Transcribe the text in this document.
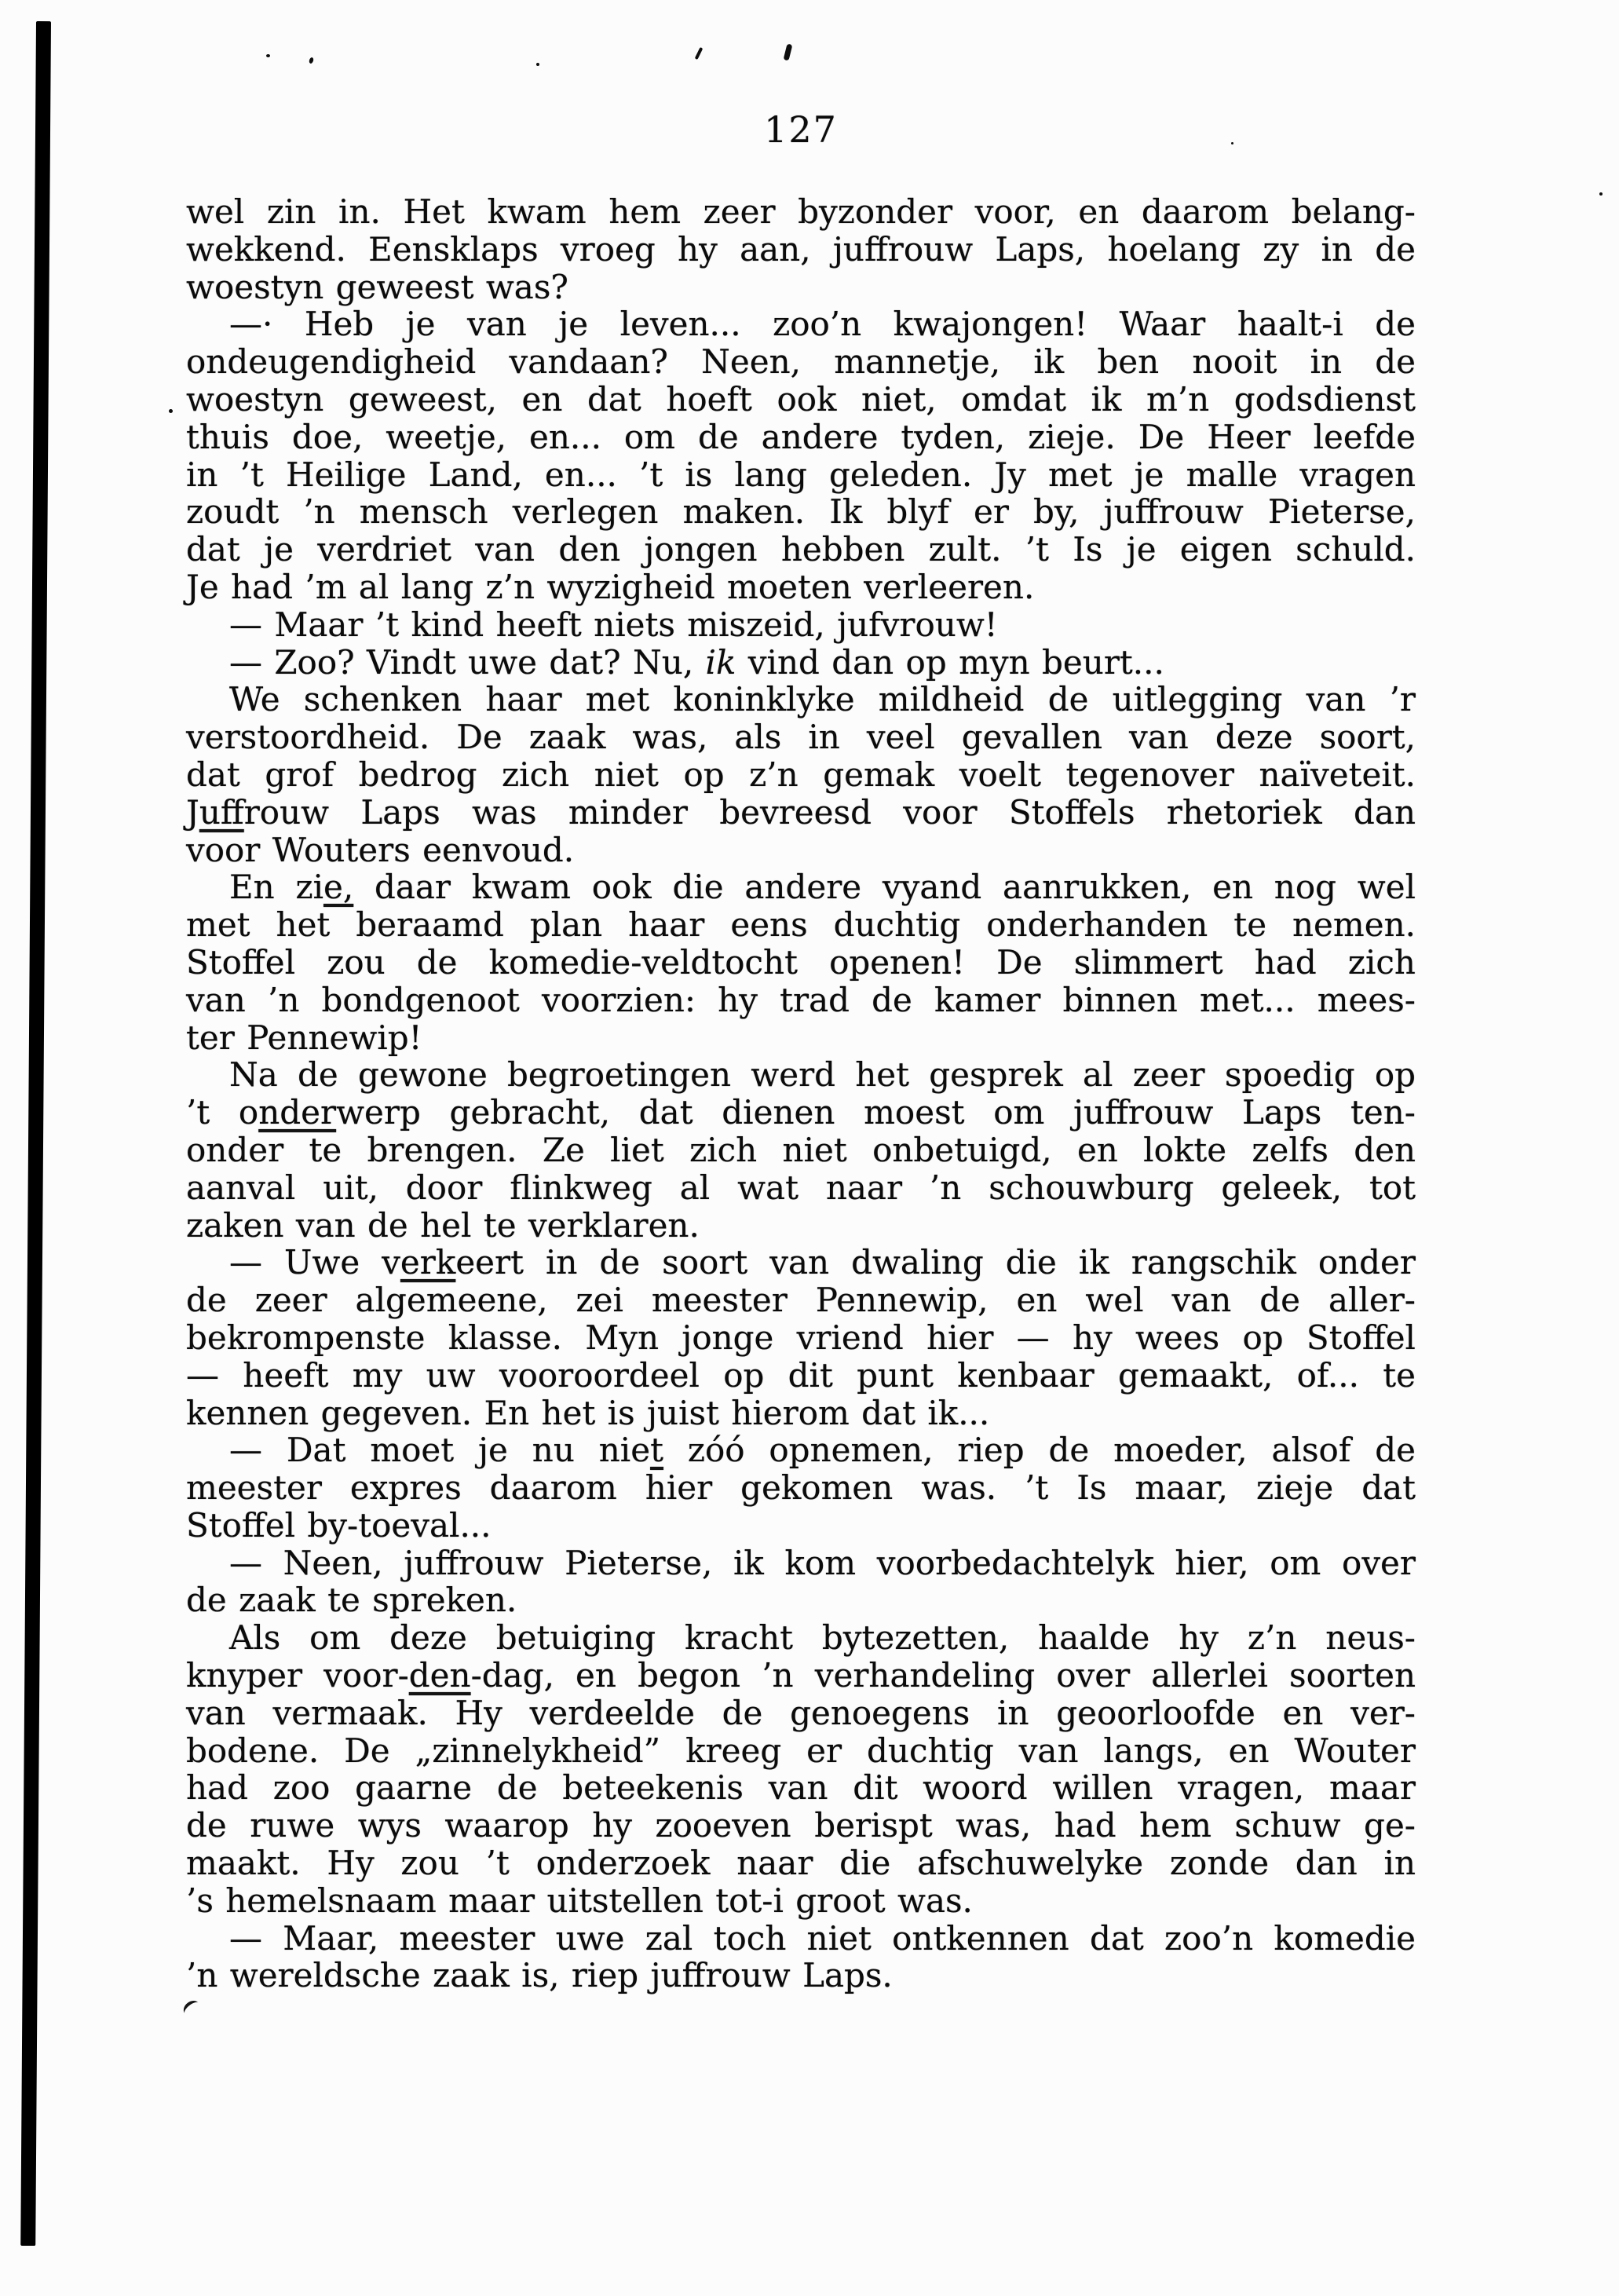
127
wel zin in. Het kwam hem zeer byzonder voor, en daarom belang-
wekkend. Eensklaps vroeg hy aan, juffrouw Laps, hoelang zy in de
woestyn geweest was?
—· Heb je van je leven... zoo’n kwajongen! Waar haalt-i de
ondeugendigheid vandaan? Neen, mannetje, ik ben nooit in de
woestyn geweest, en dat hoeft ook niet, omdat ik m’n godsdienst
thuis doe, weetje, en... om de andere tyden, zieje. De Heer leefde
in ’t Heilige Land, en... ’t is lang geleden. Jy met je malle vragen
zoudt ’n mensch verlegen maken. Ik blyf er by, juffrouw Pieterse,
dat je verdriet van den jongen hebben zult. ’t Is je eigen schuld.
Je had ’m al lang z’n wyzigheid moeten verleeren.
— Maar ’t kind heeft niets miszeid, jufvrouw!
— Zoo? Vindt uwe dat? Nu, ik vind dan op myn beurt...
We schenken haar met koninklyke mildheid de uitlegging van ’r
verstoordheid. De zaak was, als in veel gevallen van deze soort,
dat grof bedrog zich niet op z’n gemak voelt tegenover naïveteit.
Juffrouw Laps was minder bevreesd voor Stoffels rhetoriek dan
voor Wouters eenvoud.
En zie, daar kwam ook die andere vyand aanrukken, en nog wel
met het beraamd plan haar eens duchtig onderhanden te nemen.
Stoffel zou de komedie-veldtocht openen! De slimmert had zich
van ’n bondgenoot voorzien: hy trad de kamer binnen met... mees-
ter Pennewip!
Na de gewone begroetingen werd het gesprek al zeer spoedig op
’t onderwerp gebracht, dat dienen moest om juffrouw Laps ten-
onder te brengen. Ze liet zich niet onbetuigd, en lokte zelfs den
aanval uit, door flinkweg al wat naar ’n schouwburg geleek, tot
zaken van de hel te verklaren.
— Uwe verkeert in de soort van dwaling die ik rangschik onder
de zeer algemeene, zei meester Pennewip, en wel van de aller-
bekrompenste klasse. Myn jonge vriend hier — hy wees op Stoffel
— heeft my uw vooroordeel op dit punt kenbaar gemaakt, of... te
kennen gegeven. En het is juist hierom dat ik...
— Dat moet je nu niet zóó opnemen, riep de moeder, alsof de
meester expres daarom hier gekomen was. ’t Is maar, zieje dat
Stoffel by-toeval...
— Neen, juffrouw Pieterse, ik kom voorbedachtelyk hier, om over
de zaak te spreken.
Als om deze betuiging kracht bytezetten, haalde hy z’n neus-
knyper voor-den-dag, en begon ’n verhandeling over allerlei soorten
van vermaak. Hy verdeelde de genoegens in geoorloofde en ver-
bodene. De „zinnelykheid” kreeg er duchtig van langs, en Wouter
had zoo gaarne de beteekenis van dit woord willen vragen, maar
de ruwe wys waarop hy zooeven berispt was, had hem schuw ge-
maakt. Hy zou ’t onderzoek naar die afschuwelyke zonde dan in
’s hemelsnaam maar uitstellen tot-i groot was.
— Maar, meester uwe zal toch niet ontkennen dat zoo’n komedie
’n wereldsche zaak is, riep juffrouw Laps.
